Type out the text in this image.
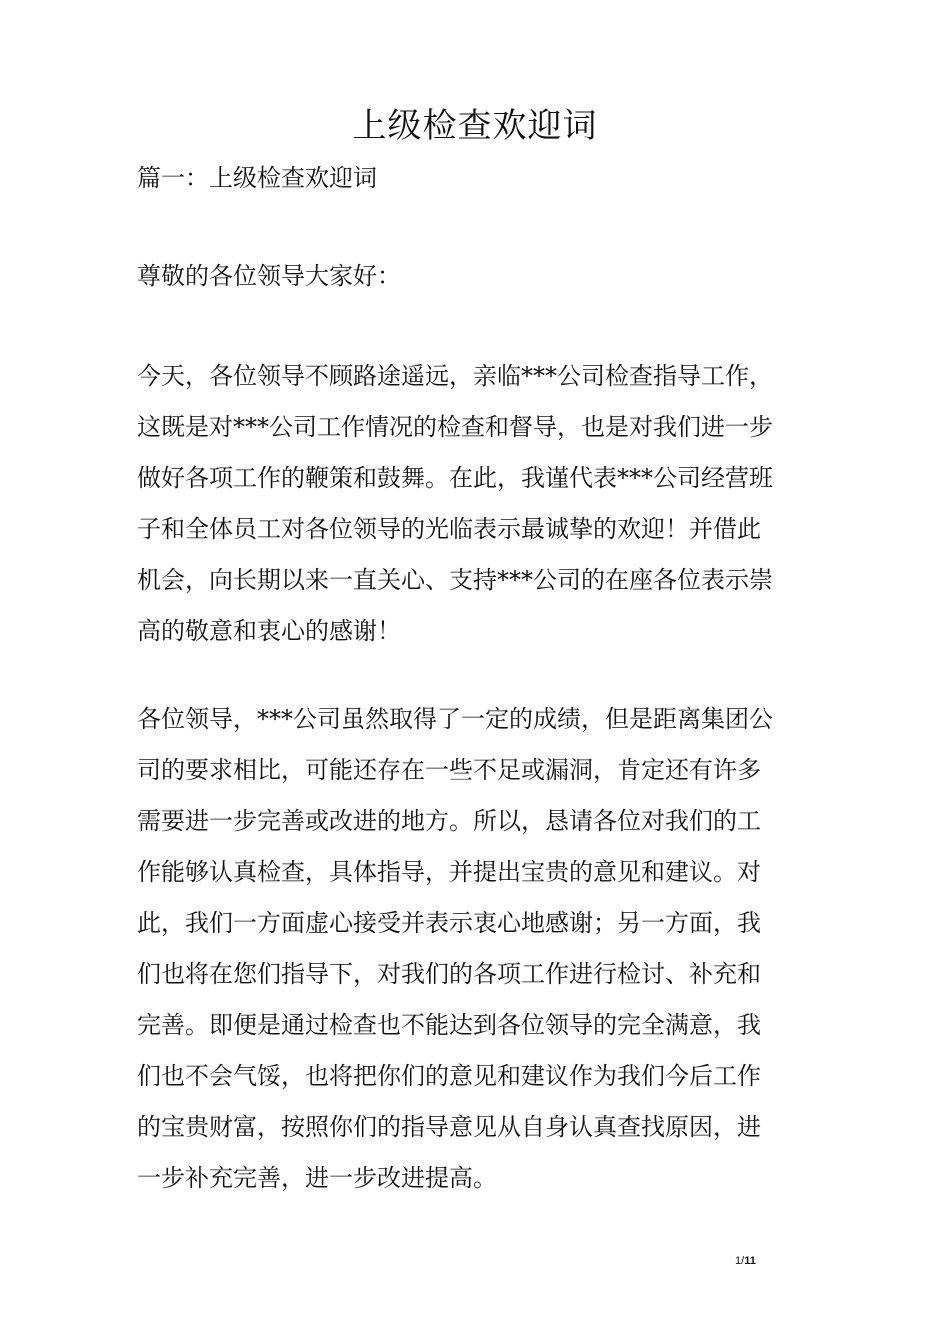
上级检查欢迎词

篇一：上级检查欢迎词

尊敬的各位领导大家好：

今天，各位领导不顾路途遥远，亲临***公司检查指导工作，
这既是对***公司工作情况的检查和督导，也是对我们进一步
做好各项工作的鞭策和鼓舞。在此，我谨代表***公司经营班
子和全体员工对各位领导的光临表示最诚挚的欢迎！并借此
机会，向长期以来一直关心、支持***公司的在座各位表示崇
高的敬意和衷心的感谢！

各位领导，***公司虽然取得了一定的成绩，但是距离集团公
司的要求相比，可能还存在一些不足或漏洞，肯定还有许多
需要进一步完善或改进的地方。所以，恳请各位对我们的工
作能够认真检查，具体指导，并提出宝贵的意见和建议。对
此，我们一方面虚心接受并表示衷心地感谢；另一方面，我
们也将在您们指导下，对我们的各项工作进行检讨、补充和
完善。即便是通过检查也不能达到各位领导的完全满意，我
们也不会气馁，也将把你们的意见和建议作为我们今后工作
的宝贵财富，按照你们的指导意见从自身认真查找原因，进
一步补充完善，进一步改进提高。

1/11
